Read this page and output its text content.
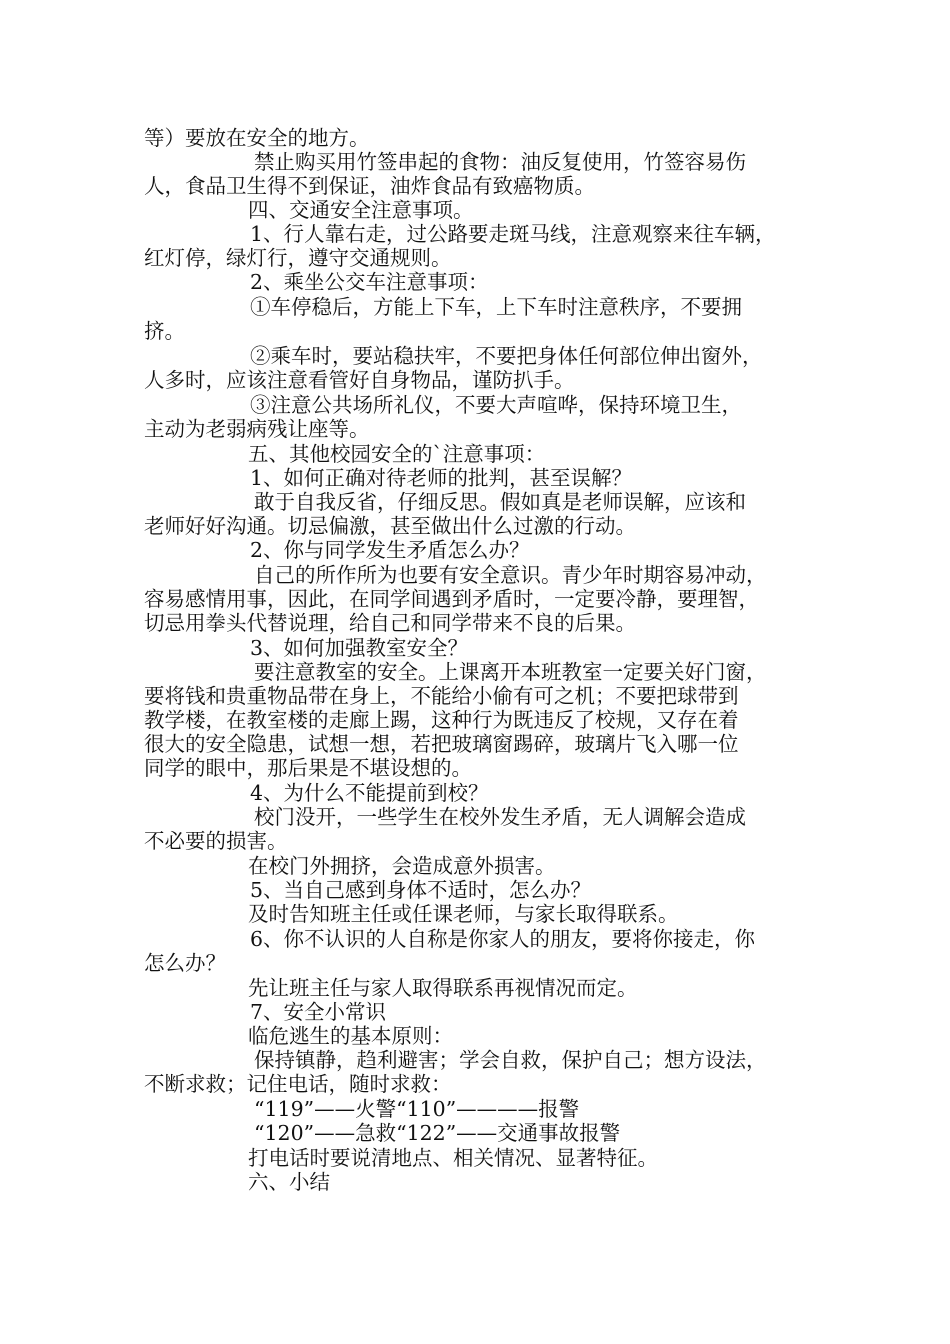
等）要放在安全的地方。
禁止购买用竹签串起的食物：油反复使用，竹签容易伤
人，食品卫生得不到保证，油炸食品有致癌物质。
四、交通安全注意事项。
1、行人靠右走，过公路要走斑马线，注意观察来往车辆，
红灯停，绿灯行，遵守交通规则。
2、乘坐公交车注意事项：
①车停稳后，方能上下车，上下车时注意秩序，不要拥
挤。
②乘车时，要站稳扶牢，不要把身体任何部位伸出窗外，
人多时，应该注意看管好自身物品，谨防扒手。
③注意公共场所礼仪，不要大声喧哗，保持环境卫生，
主动为老弱病残让座等。
五、其他校园安全的`注意事项：
1、如何正确对待老师的批判，甚至误解？
敢于自我反省，仔细反思。假如真是老师误解，应该和
老师好好沟通。切忌偏激，甚至做出什么过激的行动。
2、你与同学发生矛盾怎么办？
自己的所作所为也要有安全意识。青少年时期容易冲动，
容易感情用事，因此，在同学间遇到矛盾时，一定要冷静，要理智，
切忌用拳头代替说理，给自己和同学带来不良的后果。
3、如何加强教室安全？
要注意教室的安全。上课离开本班教室一定要关好门窗，
要将钱和贵重物品带在身上，不能给小偷有可之机；不要把球带到
教学楼，在教室楼的走廊上踢，这种行为既违反了校规，又存在着
很大的安全隐患，试想一想，若把玻璃窗踢碎，玻璃片飞入哪一位
同学的眼中，那后果是不堪设想的。
4、为什么不能提前到校？
校门没开，一些学生在校外发生矛盾，无人调解会造成
不必要的损害。
在校门外拥挤，会造成意外损害。
5、当自己感到身体不适时，怎么办？
及时告知班主任或任课老师，与家长取得联系。
6、你不认识的人自称是你家人的朋友，要将你接走，你
怎么办？
先让班主任与家人取得联系再视情况而定。
7、安全小常识
临危逃生的基本原则：
保持镇静，趋利避害；学会自救，保护自己；想方设法，
不断求救；记住电话，随时求救：
“119”——火警“110”————报警
“120”——急救“122”——交通事故报警
打电话时要说清地点、相关情况、显著特征。
六、小结
